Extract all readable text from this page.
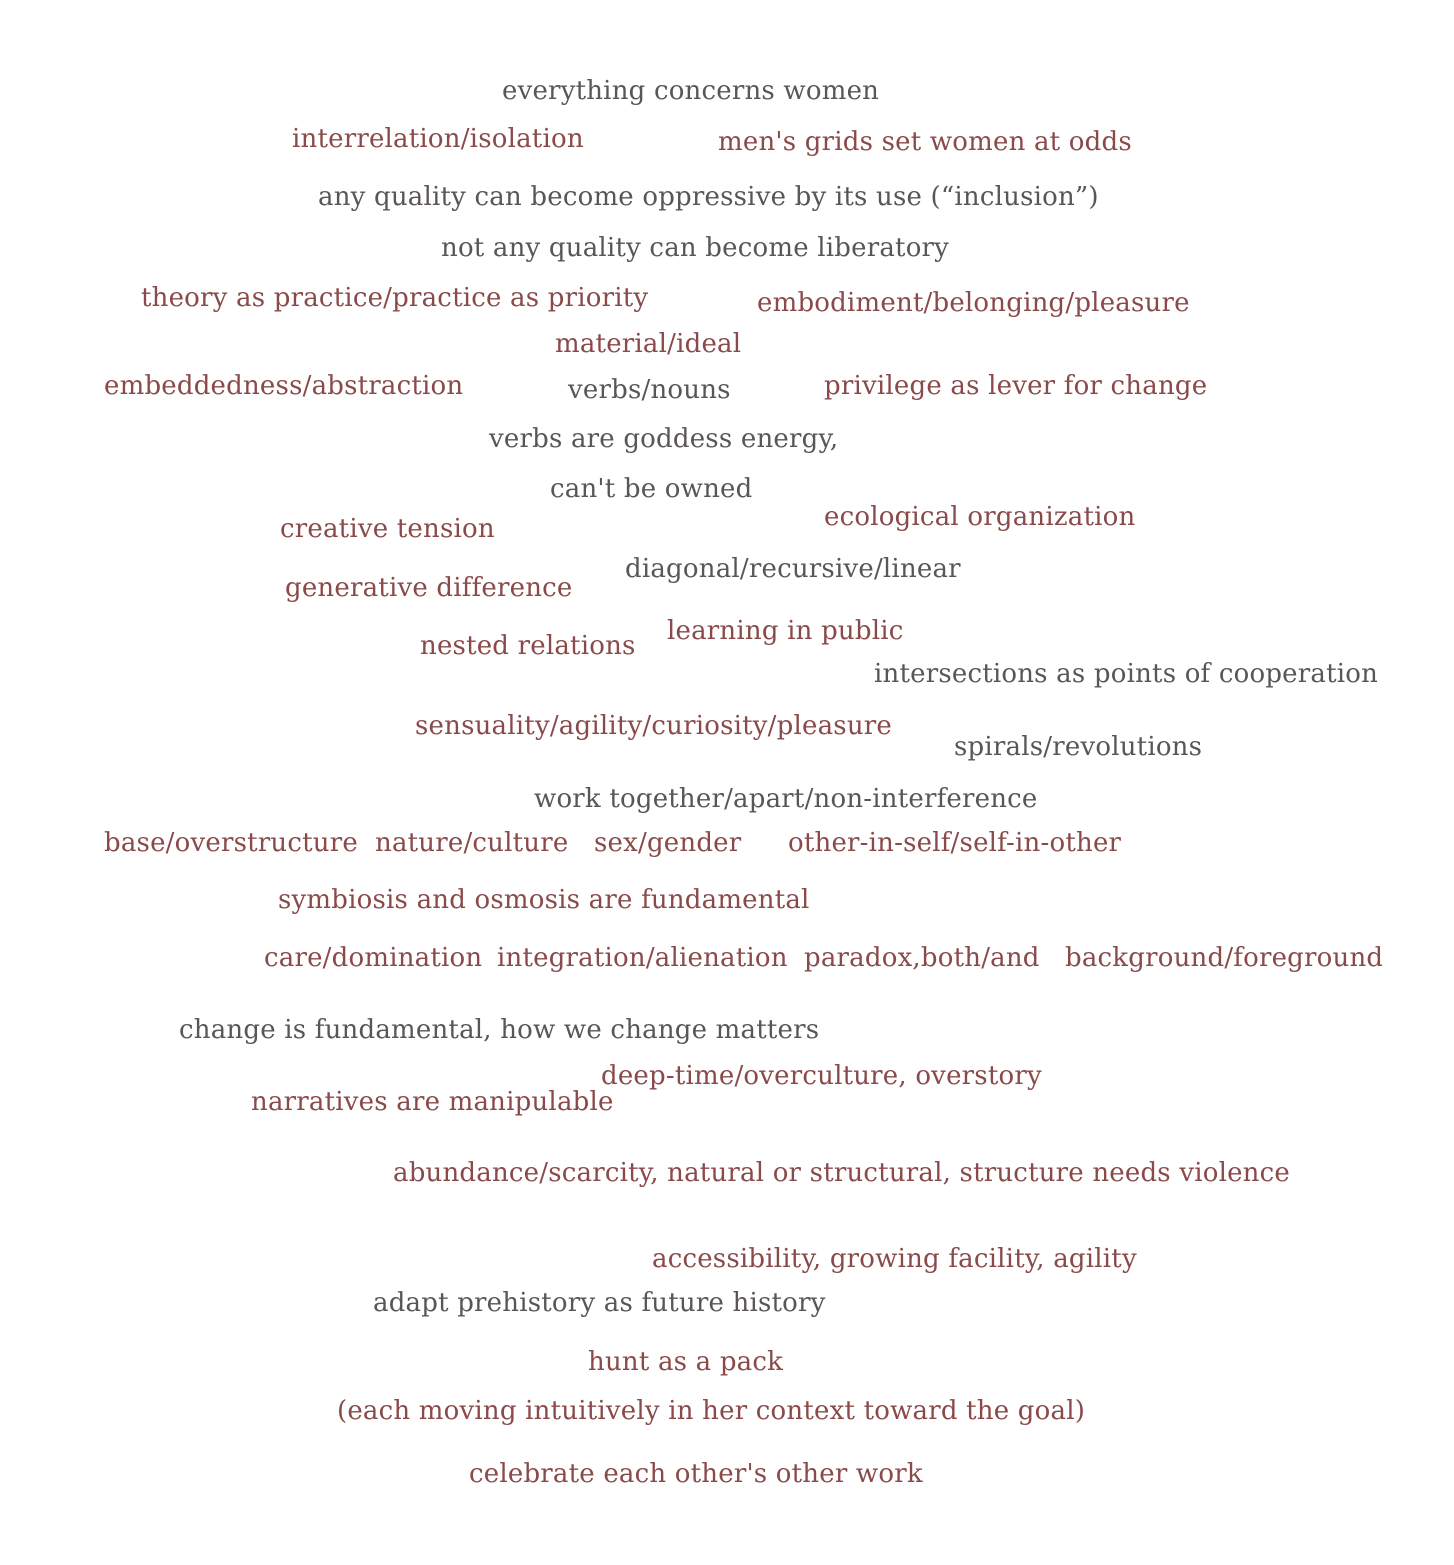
everything concerns women
interrelation/isolation	men's grids set women at odds
any quality can become oppressive by its use (“inclusion”)
not any quality can become liberatory
theory as practice/practice as priority	embodiment/belonging/pleasure
material/ideal
embeddedness/abstraction	verbs/nouns	privilege as lever for change
verbs are goddess energy,
can't be owned
ecological organization
creative tension
diagonal/recursive/linear
generative difference
learning in public
nested relations
intersections as points of cooperation
sensuality/agility/curiosity/pleasure
spirals/revolutions
work together/apart/non-interference
base/overstructure nature/culture sex/gender other-in-self/self-in-other
symbiosis and osmosis are fundamental
care/domination integration/alienation paradox,both/and background/foreground
change is fundamental, how we change matters
deep-time/overculture, overstory
narratives are manipulable
abundance/scarcity, natural or structural, structure needs violence
accessibility, growing facility, agility
adapt prehistory as future history
hunt as a pack
(each moving intuitively in her context toward the goal)
celebrate each other's other work
